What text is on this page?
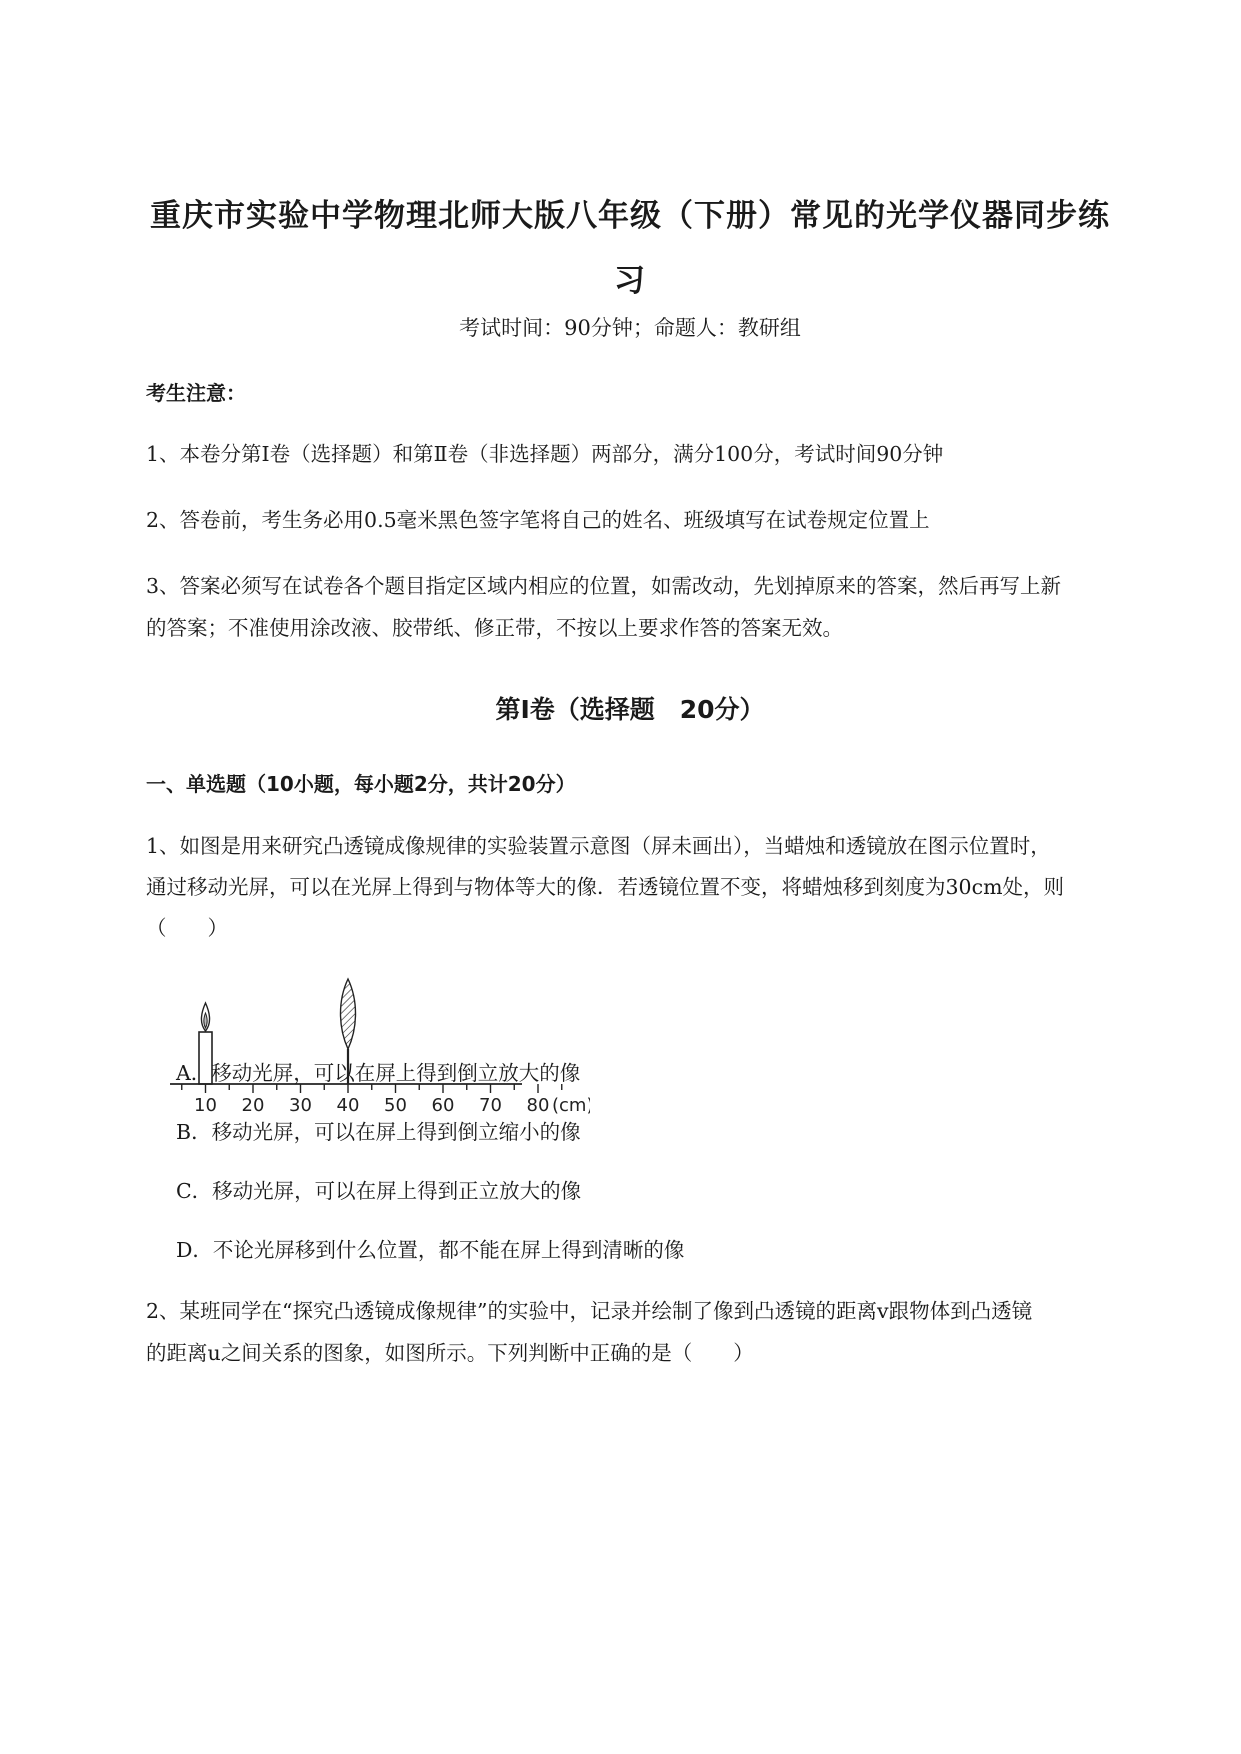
重庆市实验中学物理北师大版八年级（下册）常见的光学仪器同步练
习
考试时间：90分钟；命题人：教研组
考生注意：
1、本卷分第Ⅰ卷（选择题）和第Ⅱ卷（非选择题）两部分，满分100分，考试时间90分钟
2、答卷前，考生务必用0.5毫米黑色签字笔将自己的姓名、班级填写在试卷规定位置上
3、答案必须写在试卷各个题目指定区域内相应的位置，如需改动，先划掉原来的答案，然后再写上新
的答案；不准使用涂改液、胶带纸、修正带，不按以上要求作答的答案无效。
第Ⅰ卷（选择题　20分）
一、单选题（10小题，每小题2分，共计20分）
1、如图是用来研究凸透镜成像规律的实验装置示意图（屏未画出），当蜡烛和透镜放在图示位置时，
通过移动光屏，可以在光屏上得到与物体等大的像．若透镜位置不变，将蜡烛移到刻度为30cm处，则
（　　）
10 20 30 40 50 60 70 80 (cm)
A．移动光屏，可以在屏上得到倒立放大的像
B．移动光屏，可以在屏上得到倒立缩小的像
C．移动光屏，可以在屏上得到正立放大的像
D．不论光屏移到什么位置，都不能在屏上得到清晰的像
2、某班同学在“探究凸透镜成像规律”的实验中，记录并绘制了像到凸透镜的距离v跟物体到凸透镜
的距离u之间关系的图象，如图所示。下列判断中正确的是（　　）
